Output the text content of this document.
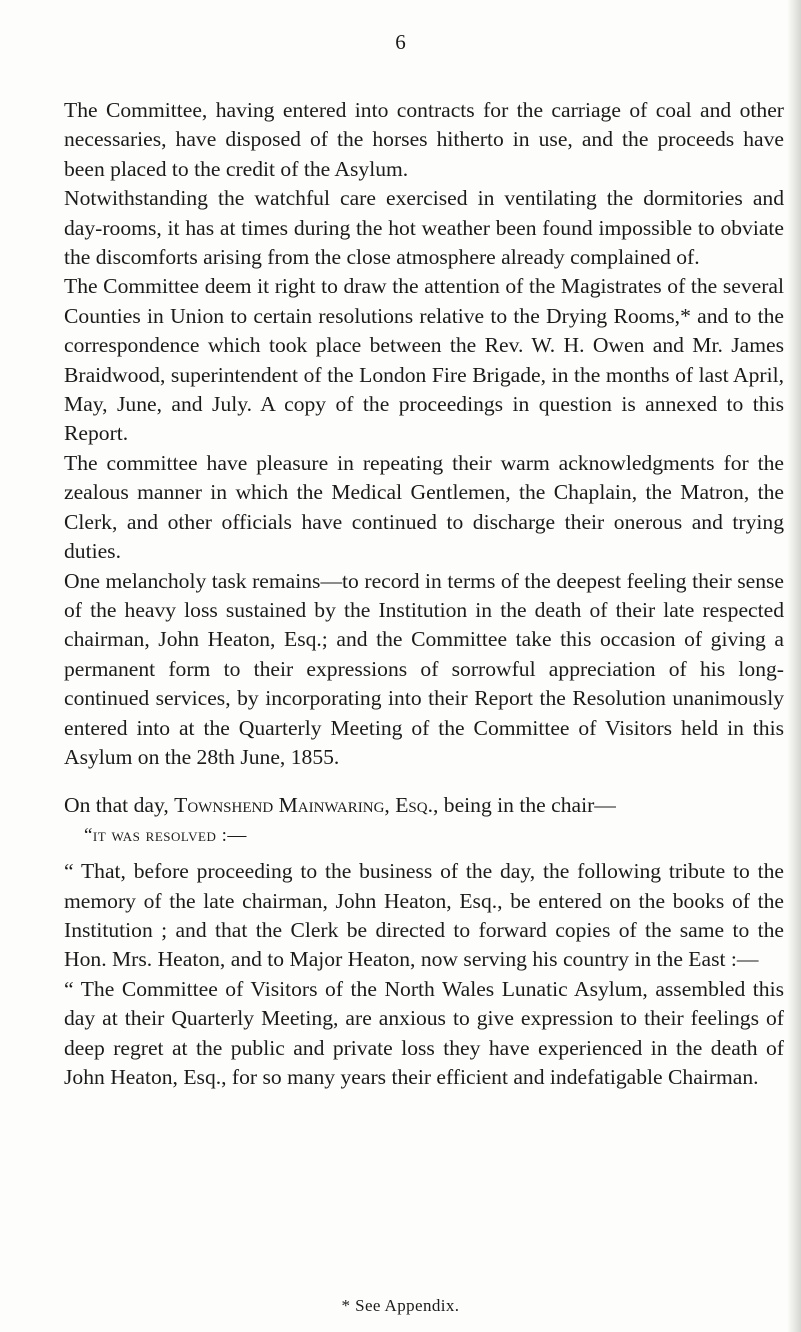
6

The Committee, having entered into contracts for the carriage of coal and other necessaries, have disposed of the horses hitherto in use, and the proceeds have been placed to the credit of the Asylum.

Notwithstanding the watchful care exercised in ventilating the dormitories and day-rooms, it has at times during the hot weather been found impossible to obviate the discomforts arising from the close atmosphere already complained of.

The Committee deem it right to draw the attention of the Magistrates of the several Counties in Union to certain resolutions relative to the Drying Rooms,* and to the correspondence which took place between the Rev. W. H. Owen and Mr. James Braidwood, superintendent of the London Fire Brigade, in the months of last April, May, June, and July. A copy of the proceedings in question is annexed to this Report.

The committee have pleasure in repeating their warm acknowledgments for the zealous manner in which the Medical Gentlemen, the Chaplain, the Matron, the Clerk, and other officials have continued to discharge their onerous and trying duties.

One melancholy task remains—to record in terms of the deepest feeling their sense of the heavy loss sustained by the Institution in the death of their late respected chairman, John Heaton, Esq.; and the Committee take this occasion of giving a permanent form to their expressions of sorrowful appreciation of his long-continued services, by incorporating into their Report the Resolution unanimously entered into at the Quarterly Meeting of the Committee of Visitors held in this Asylum on the 28th June, 1855.

On that day, Townshend Mainwaring, Esq., being in the chair—

“it was resolved :—

“ That, before proceeding to the business of the day, the following tribute to the memory of the late chairman, John Heaton, Esq., be entered on the books of the Institution ; and that the Clerk be directed to forward copies of the same to the Hon. Mrs. Heaton, and to Major Heaton, now serving his country in the East :—

“ The Committee of Visitors of the North Wales Lunatic Asylum, assembled this day at their Quarterly Meeting, are anxious to give expression to their feelings of deep regret at the public and private loss they have experienced in the death of John Heaton, Esq., for so many years their efficient and indefatigable Chairman.

* See Appendix.
